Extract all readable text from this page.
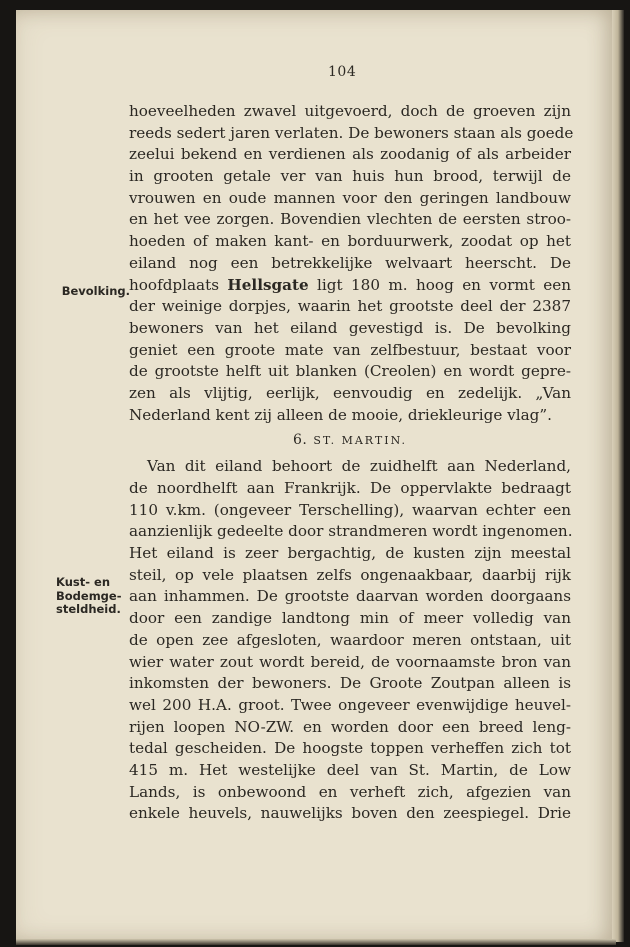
104
Bevolking.
Kust- en
Bodemge-
steldheid.
hoeveelheden zwavel uitgevoerd, doch de groeven zijn
reeds sedert jaren verlaten. De bewoners staan als goede
zeelui bekend en verdienen als zoodanig of als arbeider
in grooten getale ver van huis hun brood, terwijl de
vrouwen en oude mannen voor den geringen landbouw
en het vee zorgen. Bovendien vlechten de eersten stroo-
hoeden of maken kant- en borduurwerk, zoodat op het
eiland nog een betrekkelijke welvaart heerscht. De
hoofdplaats Hellsgate ligt 180 m. hoog en vormt een
der weinige dorpjes, waarin het grootste deel der 2387
bewoners van het eiland gevestigd is. De bevolking
geniet een groote mate van zelfbestuur, bestaat voor
de grootste helft uit blanken (Creolen) en wordt gepre-
zen als vlijtig, eerlijk, eenvoudig en zedelijk. „Van
Nederland kent zij alleen de mooie, driekleurige vlag”.
6. ST. MARTIN.
Van dit eiland behoort de zuidhelft aan Nederland,
de noordhelft aan Frankrijk. De oppervlakte bedraagt
110 v.km. (ongeveer Terschelling), waarvan echter een
aanzienlijk gedeelte door strandmeren wordt ingenomen.
Het eiland is zeer bergachtig, de kusten zijn meestal
steil, op vele plaatsen zelfs ongenaakbaar, daarbij rijk
aan inhammen. De grootste daarvan worden doorgaans
door een zandige landtong min of meer volledig van
de open zee afgesloten, waardoor meren ontstaan, uit
wier water zout wordt bereid, de voornaamste bron van
inkomsten der bewoners. De Groote Zoutpan alleen is
wel 200 H.A. groot. Twee ongeveer evenwijdige heuvel-
rijen loopen NO-ZW. en worden door een breed leng-
tedal gescheiden. De hoogste toppen verheffen zich tot
415 m. Het westelijke deel van St. Martin, de Low
Lands, is onbewoond en verheft zich, afgezien van
enkele heuvels, nauwelijks boven den zeespiegel. Drie
